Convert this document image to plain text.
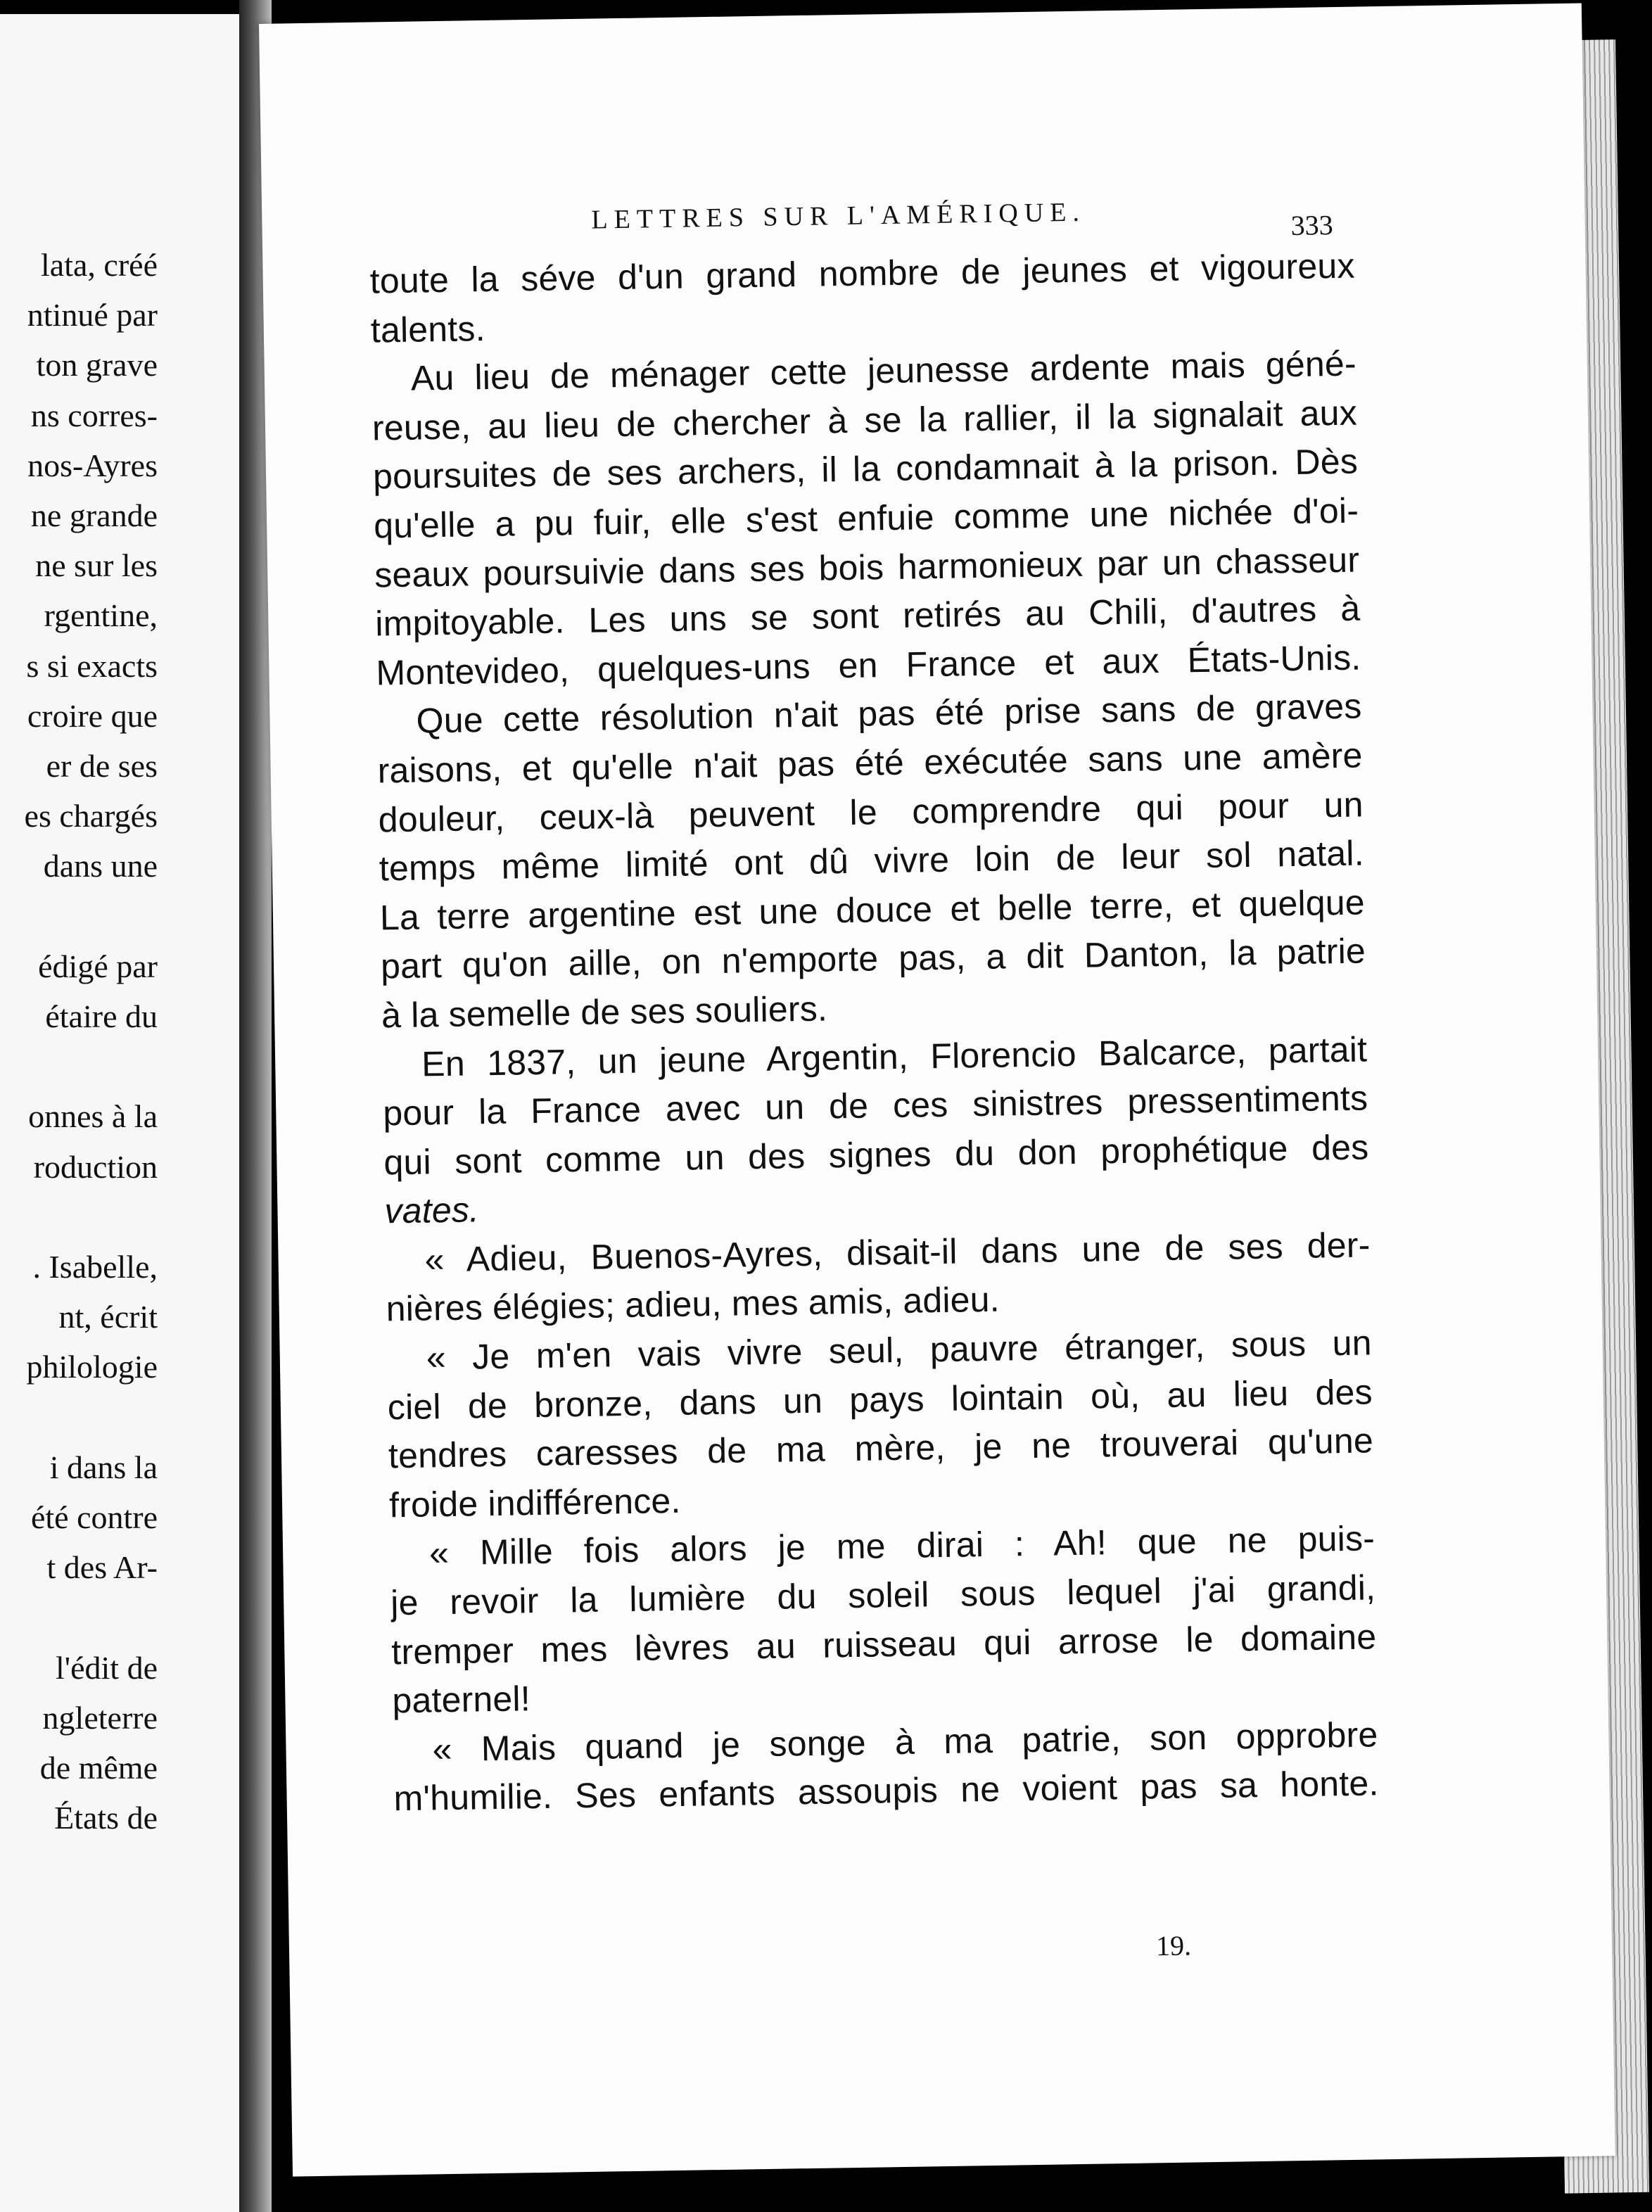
lata, créé
ntinué par
ton grave
ns corres-
nos-Ayres
ne grande
ne sur les
rgentine,
s si exacts
croire que
er de ses
es chargés
dans une
édigé par
étaire du
onnes à la
roduction
. Isabelle,
nt, écrit
philologie
i dans la
été contre
t des Ar-
l'édit de
ngleterre
de même
États de
LETTRES SUR L'AMÉRIQUE.	333
toute la séve d'un grand nombre de jeunes et vigoureux
talents.
Au lieu de ménager cette jeunesse ardente mais géné-
reuse, au lieu de chercher à se la rallier, il la signalait aux
poursuites de ses archers, il la condamnait à la prison. Dès
qu'elle a pu fuir, elle s'est enfuie comme une nichée d'oi-
seaux poursuivie dans ses bois harmonieux par un chasseur
impitoyable. Les uns se sont retirés au Chili, d'autres à
Montevideo, quelques-uns en France et aux États-Unis.
Que cette résolution n'ait pas été prise sans de graves
raisons, et qu'elle n'ait pas été exécutée sans une amère
douleur, ceux-là peuvent le comprendre qui pour un
temps même limité ont dû vivre loin de leur sol natal.
La terre argentine est une douce et belle terre, et quelque
part qu'on aille, on n'emporte pas, a dit Danton, la patrie
à la semelle de ses souliers.
En 1837, un jeune Argentin, Florencio Balcarce, partait
pour la France avec un de ces sinistres pressentiments
qui sont comme un des signes du don prophétique des
vates.
« Adieu, Buenos-Ayres, disait-il dans une de ses der-
nières élégies; adieu, mes amis, adieu.
« Je m'en vais vivre seul, pauvre étranger, sous un
ciel de bronze, dans un pays lointain où, au lieu des
tendres caresses de ma mère, je ne trouverai qu'une
froide indifférence.
« Mille fois alors je me dirai : Ah! que ne puis-
je revoir la lumière du soleil sous lequel j'ai grandi,
tremper mes lèvres au ruisseau qui arrose le domaine
paternel!
« Mais quand je songe à ma patrie, son opprobre
m'humilie. Ses enfants assoupis ne voient pas sa honte.
19.
